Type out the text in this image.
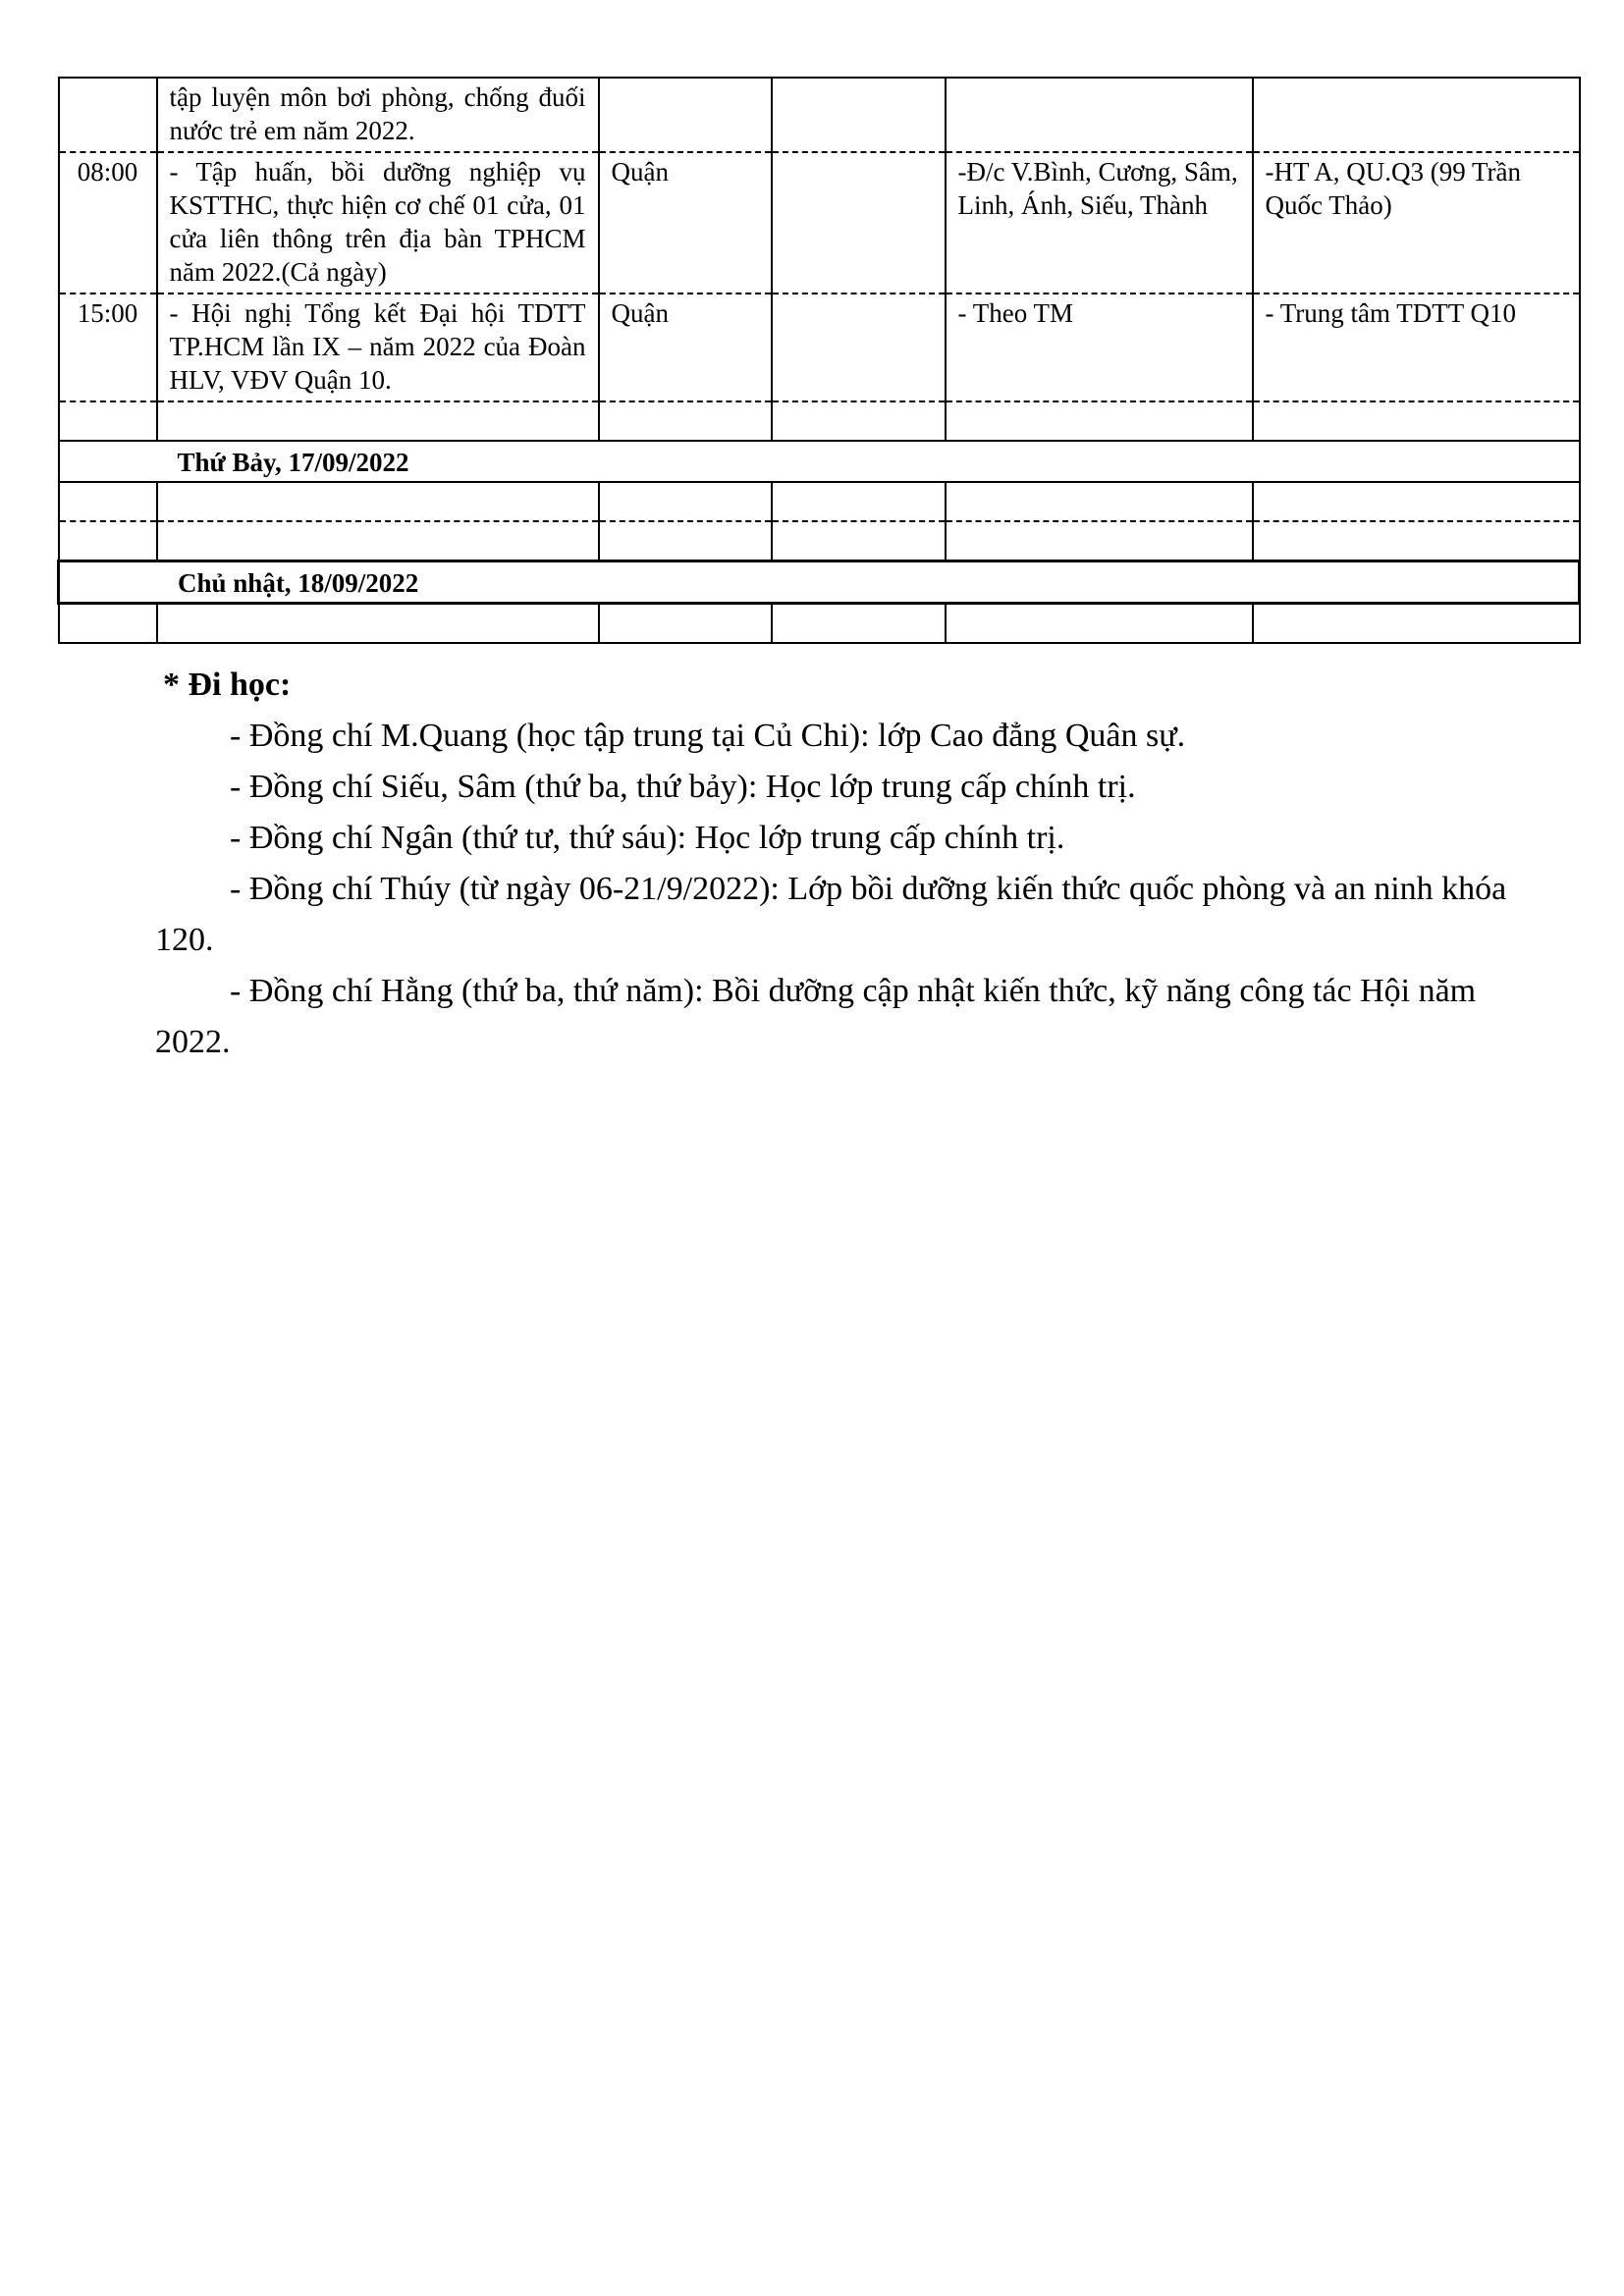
	tập luyện môn bơi phòng, chống đuối nước trẻ em năm 2022.				
08:00	- Tập huấn, bồi dưỡng nghiệp vụ KSTTHC, thực hiện cơ chế 01 cửa, 01 cửa liên thông trên địa bàn TPHCM năm 2022.(Cả ngày)	Quận		-Đ/c V.Bình, Cương, Sâm, Linh, Ánh, Siếu, Thành	-HT A, QU.Q3 (99 Trần Quốc Thảo)
15:00	- Hội nghị Tổng kết Đại hội TDTT TP.HCM lần IX – năm 2022 của Đoàn HLV, VĐV Quận 10.	Quận		- Theo TM	- Trung tâm TDTT Q10

Thứ Bảy, 17/09/2022					

Chủ nhật, 18/09/2022					

* Đi học:
- Đồng chí M.Quang (học tập trung tại Củ Chi): lớp Cao đẳng Quân sự.
- Đồng chí Siếu, Sâm (thứ ba, thứ bảy): Học lớp trung cấp chính trị.
- Đồng chí Ngân (thứ tư, thứ sáu): Học lớp trung cấp chính trị.
- Đồng chí Thúy (từ ngày 06-21/9/2022): Lớp bồi dưỡng kiến thức quốc phòng và an ninh khóa 120.
- Đồng chí Hằng (thứ ba, thứ năm): Bồi dưỡng cập nhật kiến thức, kỹ năng công tác Hội năm 2022.
